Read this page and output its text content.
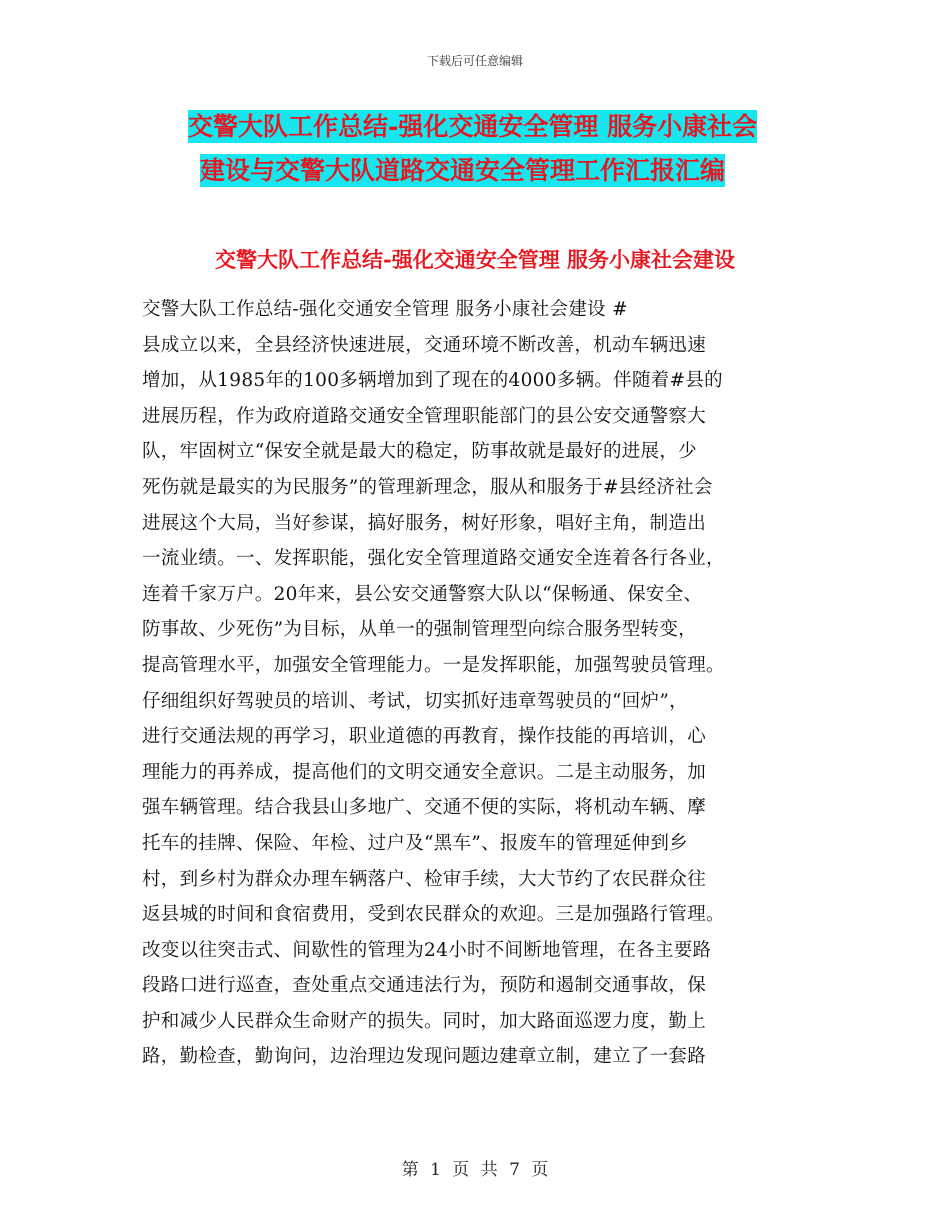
下载后可任意编辑
交警大队工作总结-强化交通安全管理 服务小康社会
建设与交警大队道路交通安全管理工作汇报汇编
交警大队工作总结-强化交通安全管理 服务小康社会建设
交警大队工作总结-强化交通安全管理 服务小康社会建设 #
县成立以来，全县经济快速进展，交通环境不断改善，机动车辆迅速
增加，从1985年的100多辆增加到了现在的4000多辆。伴随着#县的
进展历程，作为政府道路交通安全管理职能部门的县公安交通警察大
队，牢固树立“保安全就是最大的稳定，防事故就是最好的进展，少
死伤就是最实的为民服务”的管理新理念，服从和服务于#县经济社会
进展这个大局，当好参谋，搞好服务，树好形象，唱好主角，制造出
一流业绩。一、发挥职能，强化安全管理道路交通安全连着各行各业，
连着千家万户。20年来，县公安交通警察大队以“保畅通、保安全、
防事故、少死伤”为目标，从单一的强制管理型向综合服务型转变，
提高管理水平，加强安全管理能力。一是发挥职能，加强驾驶员管理。
仔细组织好驾驶员的培训、考试，切实抓好违章驾驶员的“回炉”，
进行交通法规的再学习，职业道德的再教育，操作技能的再培训，心
理能力的再养成，提高他们的文明交通安全意识。二是主动服务，加
强车辆管理。结合我县山多地广、交通不便的实际，将机动车辆、摩
托车的挂牌、保险、年检、过户及“黑车”、报废车的管理延伸到乡
村，到乡村为群众办理车辆落户、检审手续，大大节约了农民群众往
返县城的时间和食宿费用，受到农民群众的欢迎。三是加强路行管理。
改变以往突击式、间歇性的管理为24小时不间断地管理，在各主要路
段路口进行巡查，查处重点交通违法行为，预防和遏制交通事故，保
护和减少人民群众生命财产的损失。同时，加大路面巡逻力度，勤上
路，勤检查，勤询问，边治理边发现问题边建章立制，建立了一套路
第 1 页 共 7 页
